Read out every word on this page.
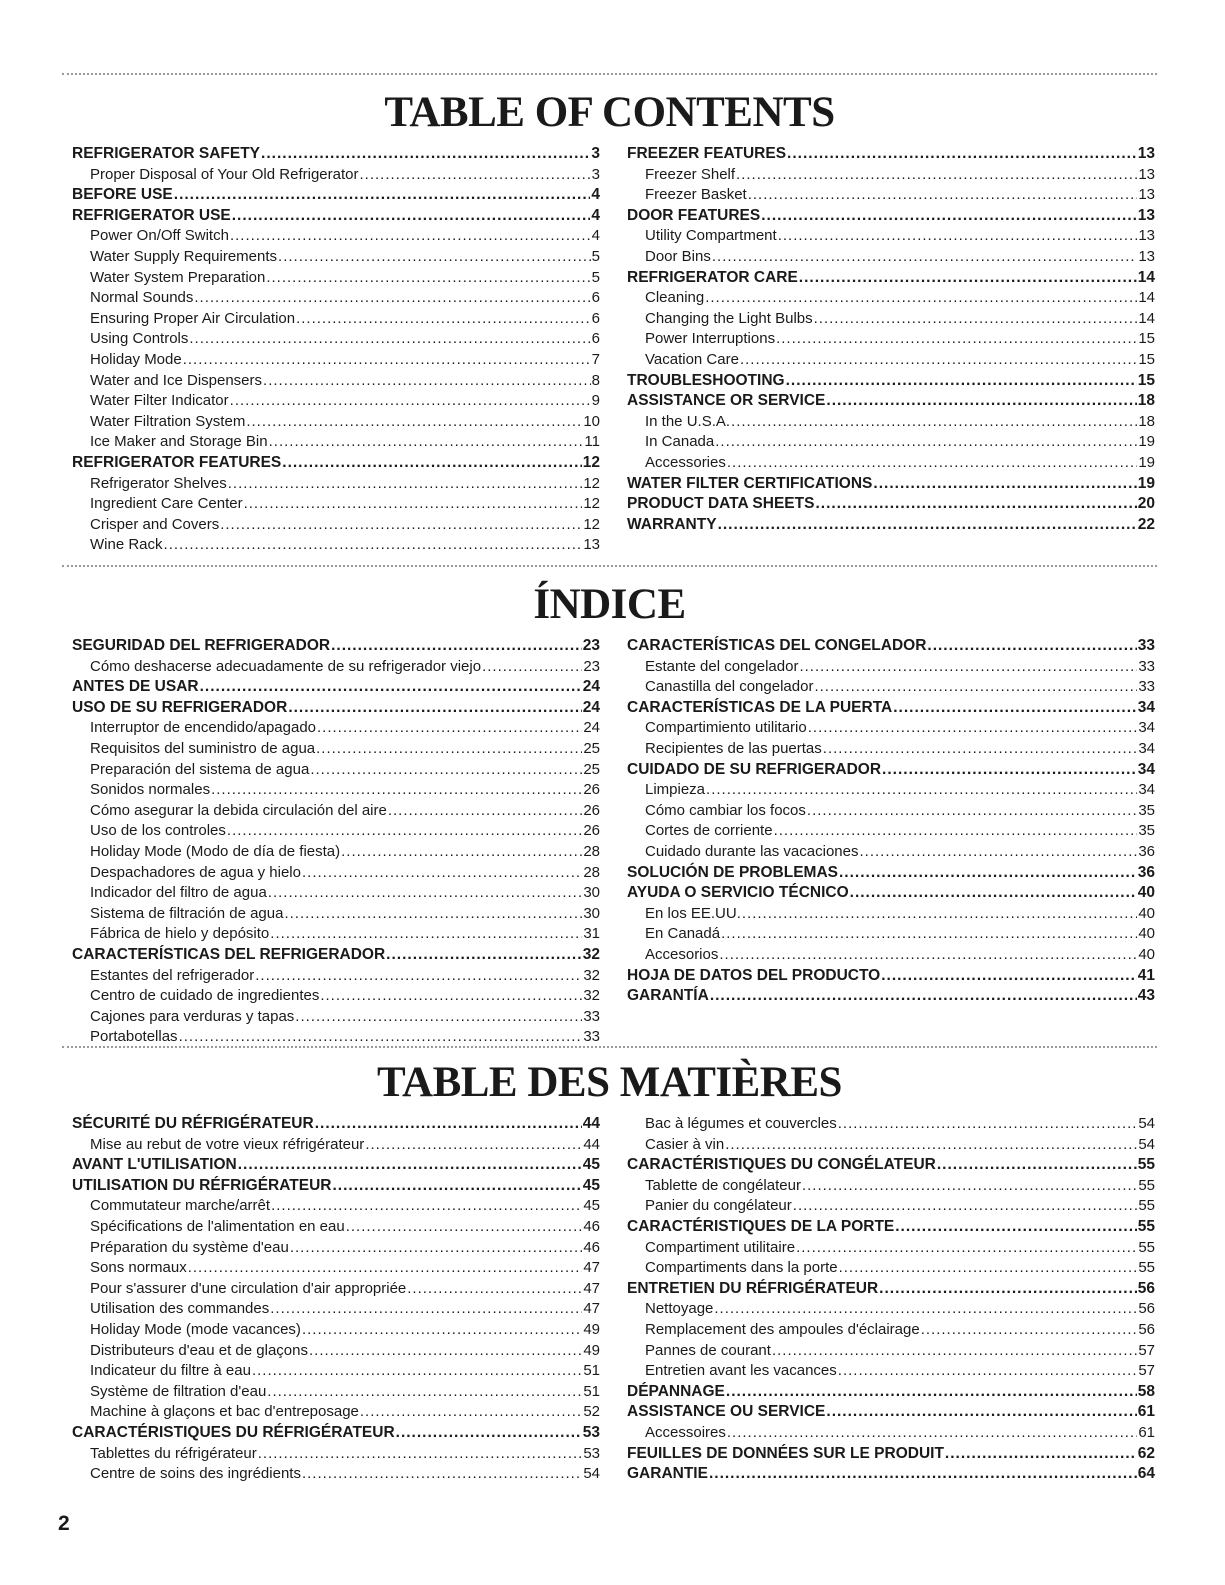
TABLE OF CONTENTS
REFRIGERATOR SAFETY .....	3
Proper Disposal of Your Old Refrigerator .....	3
BEFORE USE .....	4
REFRIGERATOR USE .....	4
Power On/Off Switch .....	4
Water Supply Requirements .....	5
Water System Preparation .....	5
Normal Sounds .....	6
Ensuring Proper Air Circulation .....	6
Using Controls .....	6
Holiday Mode .....	7
Water and Ice Dispensers .....	8
Water Filter Indicator .....	9
Water Filtration System .....	10
Ice Maker and Storage Bin .....	11
REFRIGERATOR FEATURES .....	12
Refrigerator Shelves .....	12
Ingredient Care Center .....	12
Crisper and Covers .....	12
Wine Rack .....	13
FREEZER FEATURES .....	13
Freezer Shelf .....	13
Freezer Basket .....	13
DOOR FEATURES .....	13
Utility Compartment .....	13
Door Bins .....	13
REFRIGERATOR CARE .....	14
Cleaning .....	14
Changing the Light Bulbs .....	14
Power Interruptions .....	15
Vacation Care .....	15
TROUBLESHOOTING .....	15
ASSISTANCE OR SERVICE .....	18
In the U.S.A. .....	18
In Canada .....	19
Accessories .....	19
WATER FILTER CERTIFICATIONS .....	19
PRODUCT DATA SHEETS .....	20
WARRANTY .....	22
ÍNDICE
SEGURIDAD DEL REFRIGERADOR .....	23
Cómo deshacerse adecuadamente de su refrigerador viejo .....	23
ANTES DE USAR .....	24
USO DE SU REFRIGERADOR .....	24
Interruptor de encendido/apagado .....	24
Requisitos del suministro de agua .....	25
Preparación del sistema de agua .....	25
Sonidos normales .....	26
Cómo asegurar la debida circulación del aire .....	26
Uso de los controles .....	26
Holiday Mode (Modo de día de fiesta) .....	28
Despachadores de agua y hielo .....	28
Indicador del filtro de agua .....	30
Sistema de filtración de agua .....	30
Fábrica de hielo y depósito .....	31
CARACTERÍSTICAS DEL REFRIGERADOR .....	32
Estantes del refrigerador .....	32
Centro de cuidado de ingredientes .....	32
Cajones para verduras y tapas .....	33
Portabotellas .....	33
CARACTERÍSTICAS DEL CONGELADOR .....	33
Estante del congelador .....	33
Canastilla del congelador .....	33
CARACTERÍSTICAS DE LA PUERTA .....	34
Compartimiento utilitario .....	34
Recipientes de las puertas .....	34
CUIDADO DE SU REFRIGERADOR .....	34
Limpieza .....	34
Cómo cambiar los focos .....	35
Cortes de corriente .....	35
Cuidado durante las vacaciones .....	36
SOLUCIÓN DE PROBLEMAS .....	36
AYUDA O SERVICIO TÉCNICO .....	40
En los EE.UU. .....	40
En Canadá .....	40
Accesorios .....	40
HOJA DE DATOS DEL PRODUCTO .....	41
GARANTÍA .....	43
TABLE DES MATIÈRES
SÉCURITÉ DU RÉFRIGÉRATEUR .....	44
Mise au rebut de votre vieux réfrigérateur .....	44
AVANT L'UTILISATION .....	45
UTILISATION DU RÉFRIGÉRATEUR .....	45
Commutateur marche/arrêt .....	45
Spécifications de l'alimentation en eau .....	46
Préparation du système d'eau .....	46
Sons normaux .....	47
Pour s'assurer d'une circulation d'air appropriée .....	47
Utilisation des commandes .....	47
Holiday Mode (mode vacances) .....	49
Distributeurs d'eau et de glaçons .....	49
Indicateur du filtre à eau .....	51
Système de filtration d'eau .....	51
Machine à glaçons et bac d'entreposage .....	52
CARACTÉRISTIQUES DU RÉFRIGÉRATEUR .....	53
Tablettes du réfrigérateur .....	53
Centre de soins des ingrédients .....	54
Bac à légumes et couvercles .....	54
Casier à vin .....	54
CARACTÉRISTIQUES DU CONGÉLATEUR .....	55
Tablette de congélateur .....	55
Panier du congélateur .....	55
CARACTÉRISTIQUES DE LA PORTE .....	55
Compartiment utilitaire .....	55
Compartiments dans la porte .....	55
ENTRETIEN DU RÉFRIGÉRATEUR .....	56
Nettoyage .....	56
Remplacement des ampoules d'éclairage .....	56
Pannes de courant .....	57
Entretien avant les vacances .....	57
DÉPANNAGE .....	58
ASSISTANCE OU SERVICE .....	61
Accessoires .....	61
FEUILLES DE DONNÉES SUR LE PRODUIT .....	62
GARANTIE .....	64
2
